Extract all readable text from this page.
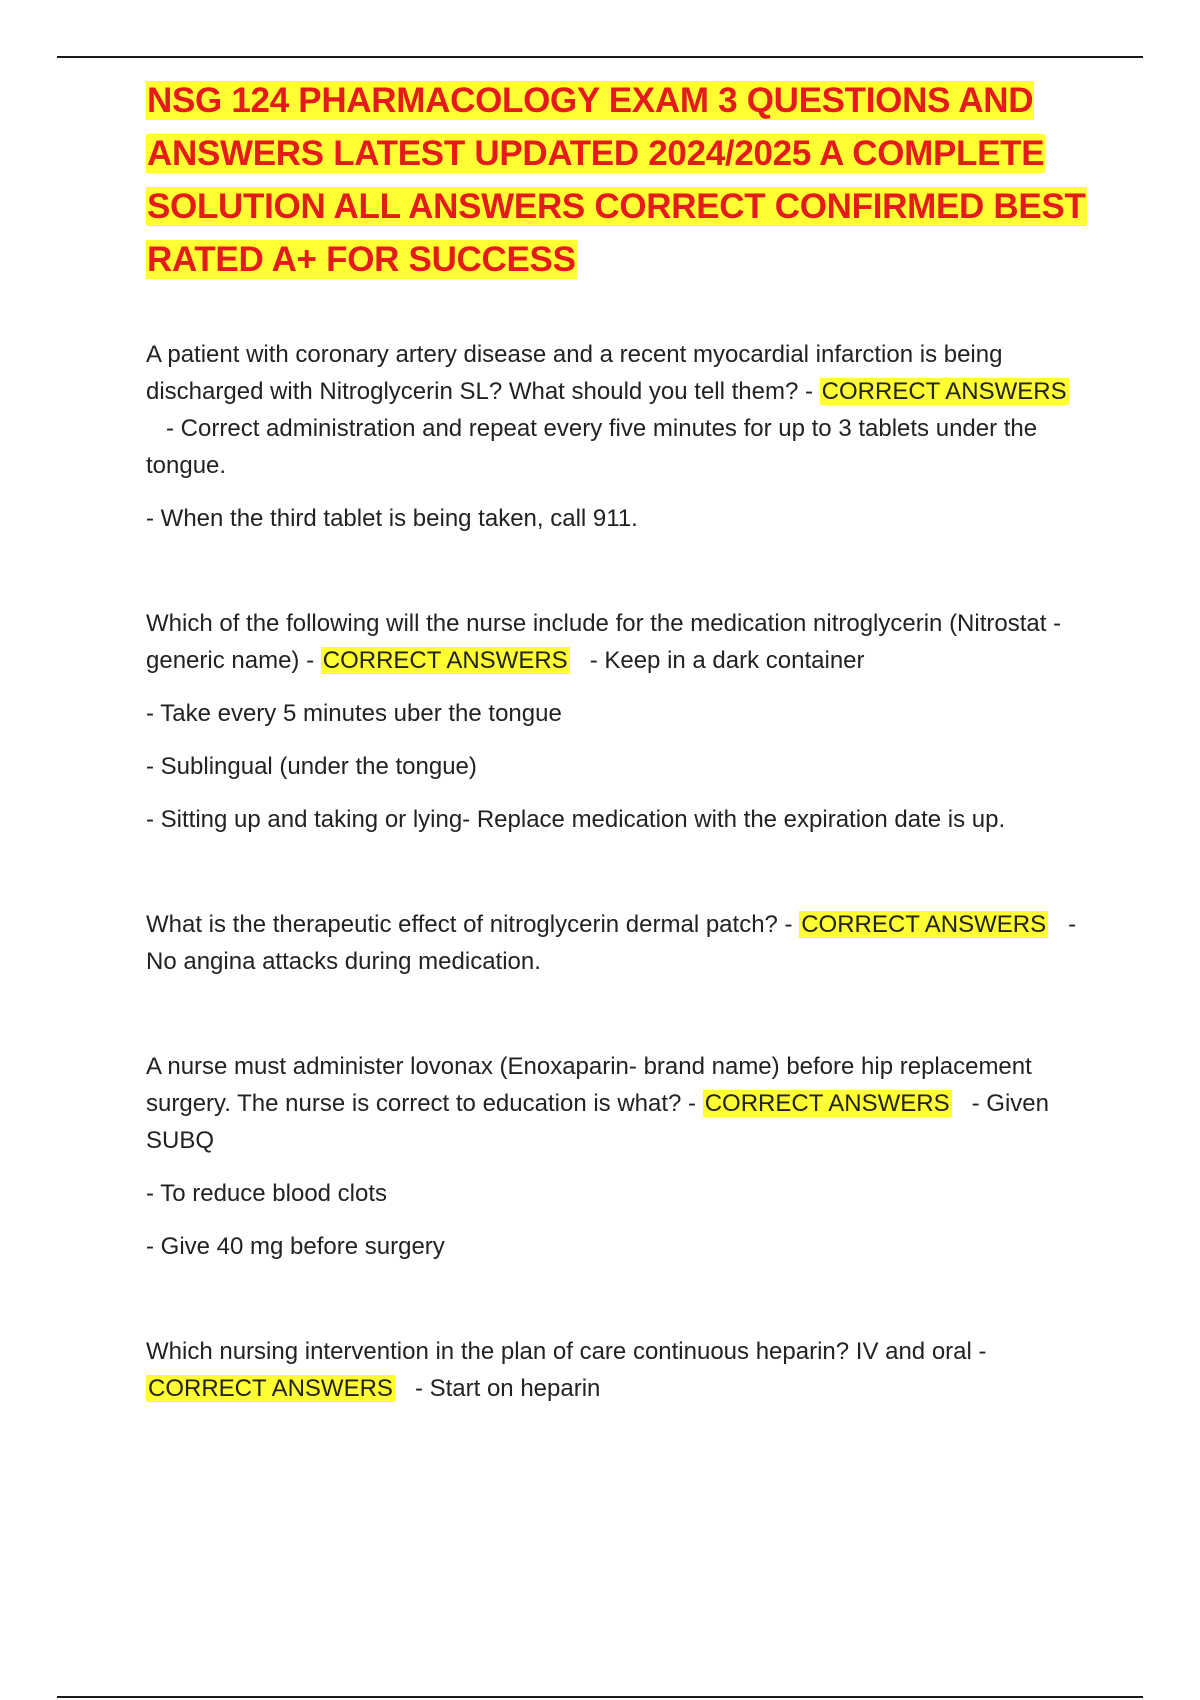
NSG 124 PHARMACOLOGY EXAM 3 QUESTIONS AND ANSWERS LATEST UPDATED 2024/2025 A COMPLETE SOLUTION ALL ANSWERS CORRECT CONFIRMED BEST RATED A+ FOR SUCCESS

A patient with coronary artery disease and a recent myocardial infarction is being discharged with Nitroglycerin SL? What should you tell them? - CORRECT ANSWERS   - Correct administration and repeat every five minutes for up to 3 tablets under the tongue.

- When the third tablet is being taken, call 911.

Which of the following will the nurse include for the medication nitroglycerin (Nitrostat - generic name) - CORRECT ANSWERS - Keep in a dark container

- Take every 5 minutes uber the tongue

- Sublingual (under the tongue)

- Sitting up and taking or lying- Replace medication with the expiration date is up.

What is the therapeutic effect of nitroglycerin dermal patch? - CORRECT ANSWERS - No angina attacks during medication.

A nurse must administer lovonax (Enoxaparin- brand name) before hip replacement surgery. The nurse is correct to education is what? - CORRECT ANSWERS - Given SUBQ

- To reduce blood clots

- Give 40 mg before surgery

Which nursing intervention in the plan of care continuous heparin? IV and oral - CORRECT ANSWERS - Start on heparin
